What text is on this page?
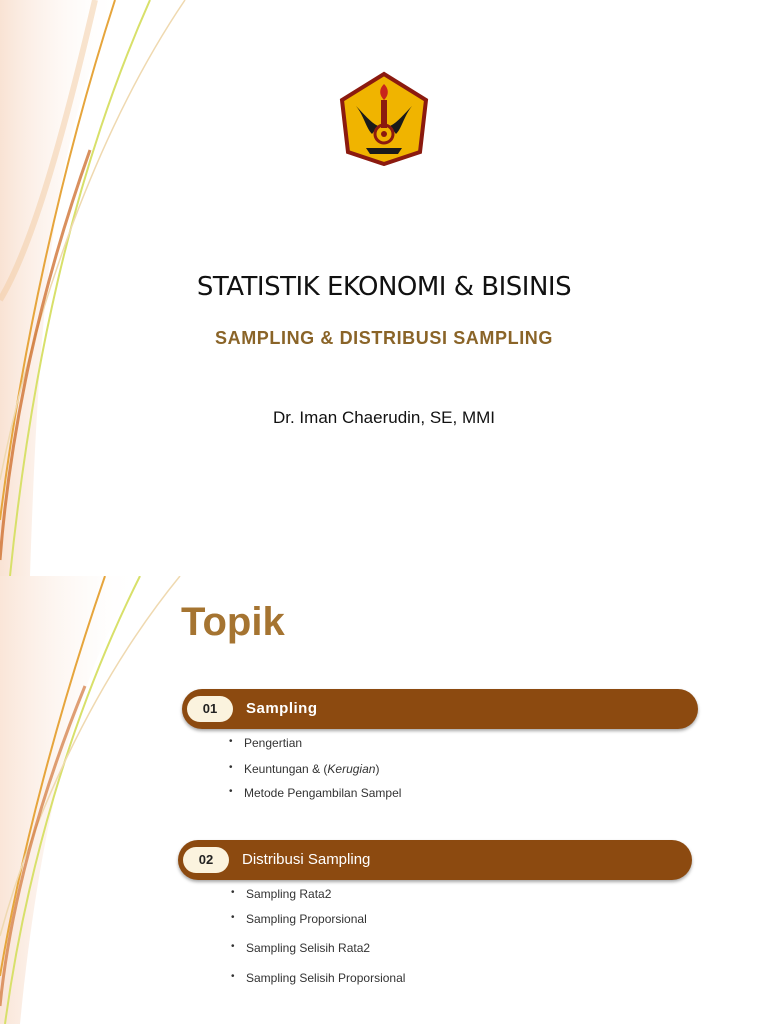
STATISTIK EKONOMI & BISINIS
SAMPLING & DISTRIBUSI SAMPLING
Dr. Iman Chaerudin, SE, MMI
Topik
01	Sampling
• Pengertian
• Keuntungan & (Kerugian)
• Metode Pengambilan Sampel
02	Distribusi Sampling
• Sampling Rata2
• Sampling Proporsional
• Sampling Selisih Rata2
• Sampling Selisih Proporsional
